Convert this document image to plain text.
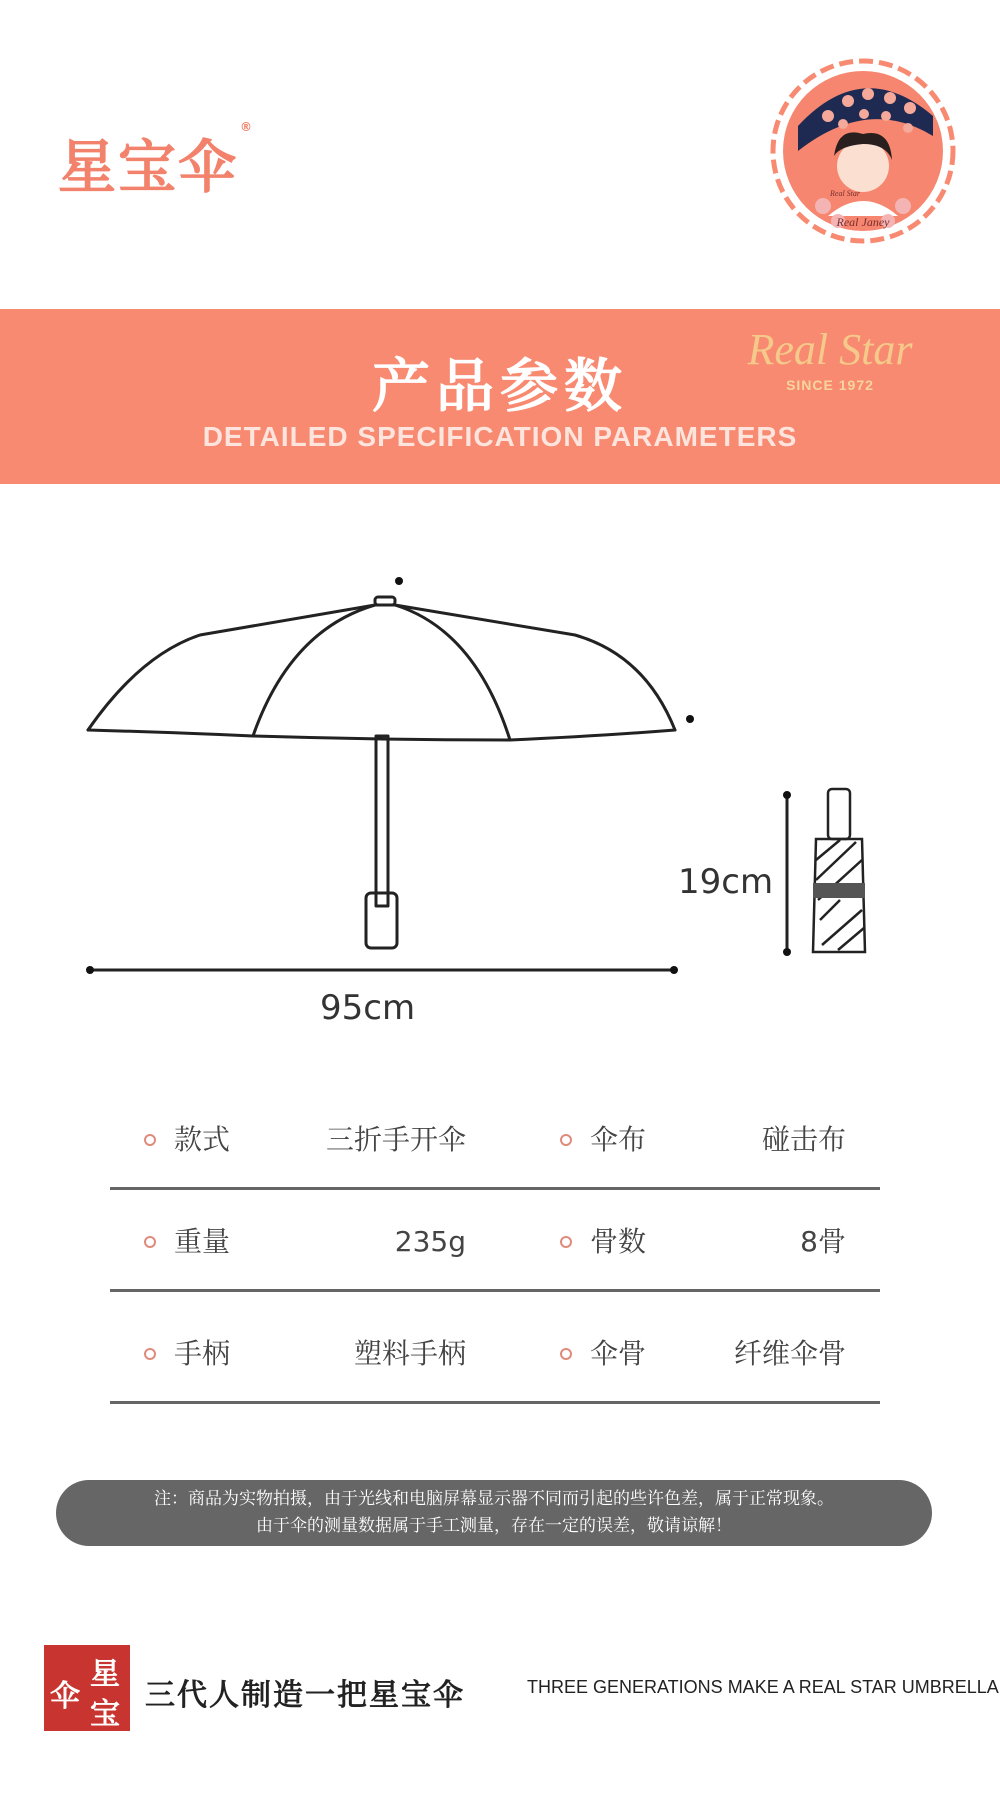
星宝伞®
Real Janey
Real Star
产品参数
DETAILED SPECIFICATION PARAMETERS
Real Star
SINCE 1972
95cm
19cm
款式	三折手开伞	伞布	碰击布
重量	235g	骨数	8骨
手柄	塑料手柄	伞骨	纤维伞骨
注：商品为实物拍摄，由于光线和电脑屏幕显示器不同而引起的些许色差，属于正常现象。
由于伞的测量数据属于手工测量，存在一定的误差，敬请谅解！
伞
星
宝
三代人制造一把星宝伞	THREE GENERATIONS MAKE A REAL STAR UMBRELLA
